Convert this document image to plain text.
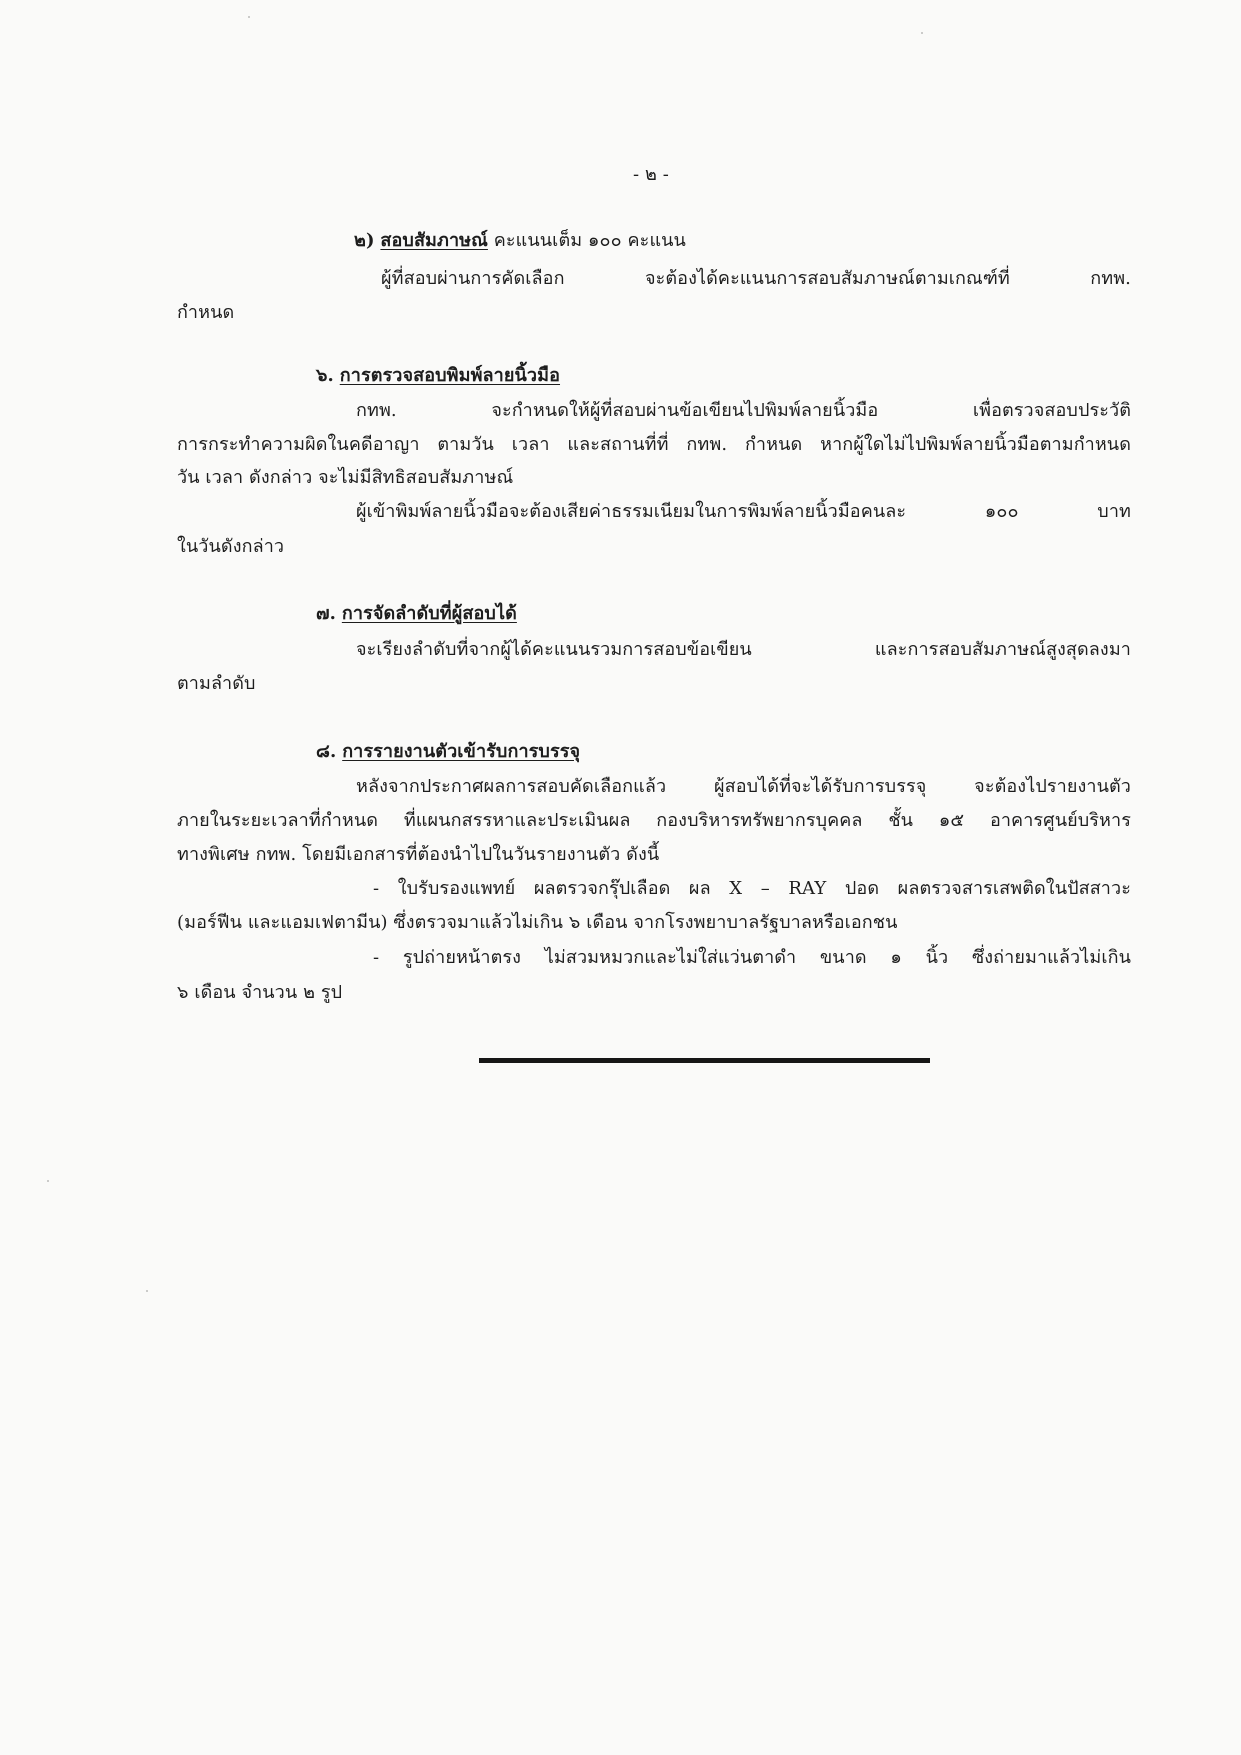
- ๒ -
๒) สอบสัมภาษณ์ คะแนนเต็ม ๑๐๐ คะแนน
ผู้ที่สอบผ่านการคัดเลือก จะต้องได้คะแนนการสอบสัมภาษณ์ตามเกณฑ์ที่ กทพ.
กำหนด
๖. การตรวจสอบพิมพ์ลายนิ้วมือ
กทพ. จะกำหนดให้ผู้ที่สอบผ่านข้อเขียนไปพิมพ์ลายนิ้วมือ เพื่อตรวจสอบประวัติ
การกระทำความผิดในคดีอาญา ตามวัน เวลา และสถานที่ที่ กทพ. กำหนด หากผู้ใดไม่ไปพิมพ์ลายนิ้วมือตามกำหนด
วัน เวลา ดังกล่าว จะไม่มีสิทธิสอบสัมภาษณ์
ผู้เข้าพิมพ์ลายนิ้วมือจะต้องเสียค่าธรรมเนียมในการพิมพ์ลายนิ้วมือคนละ ๑๐๐ บาท
ในวันดังกล่าว
๗. การจัดลำดับที่ผู้สอบได้
จะเรียงลำดับที่จากผู้ได้คะแนนรวมการสอบข้อเขียน และการสอบสัมภาษณ์สูงสุดลงมา
ตามลำดับ
๘. การรายงานตัวเข้ารับการบรรจุ
หลังจากประกาศผลการสอบคัดเลือกแล้ว ผู้สอบได้ที่จะได้รับการบรรจุ จะต้องไปรายงานตัว
ภายในระยะเวลาที่กำหนด ที่แผนกสรรหาและประเมินผล กองบริหารทรัพยากรบุคคล ชั้น ๑๕ อาคารศูนย์บริหาร
ทางพิเศษ กทพ. โดยมีเอกสารที่ต้องนำไปในวันรายงานตัว ดังนี้
- ใบรับรองแพทย์ ผลตรวจกรุ๊ปเลือด ผล X – RAY ปอด ผลตรวจสารเสพติดในปัสสาวะ
(มอร์ฟีน และแอมเฟตามีน) ซึ่งตรวจมาแล้วไม่เกิน ๖ เดือน จากโรงพยาบาลรัฐบาลหรือเอกชน
- รูปถ่ายหน้าตรง ไม่สวมหมวกและไม่ใส่แว่นตาดำ ขนาด ๑ นิ้ว ซึ่งถ่ายมาแล้วไม่เกิน
๖ เดือน จำนวน ๒ รูป
